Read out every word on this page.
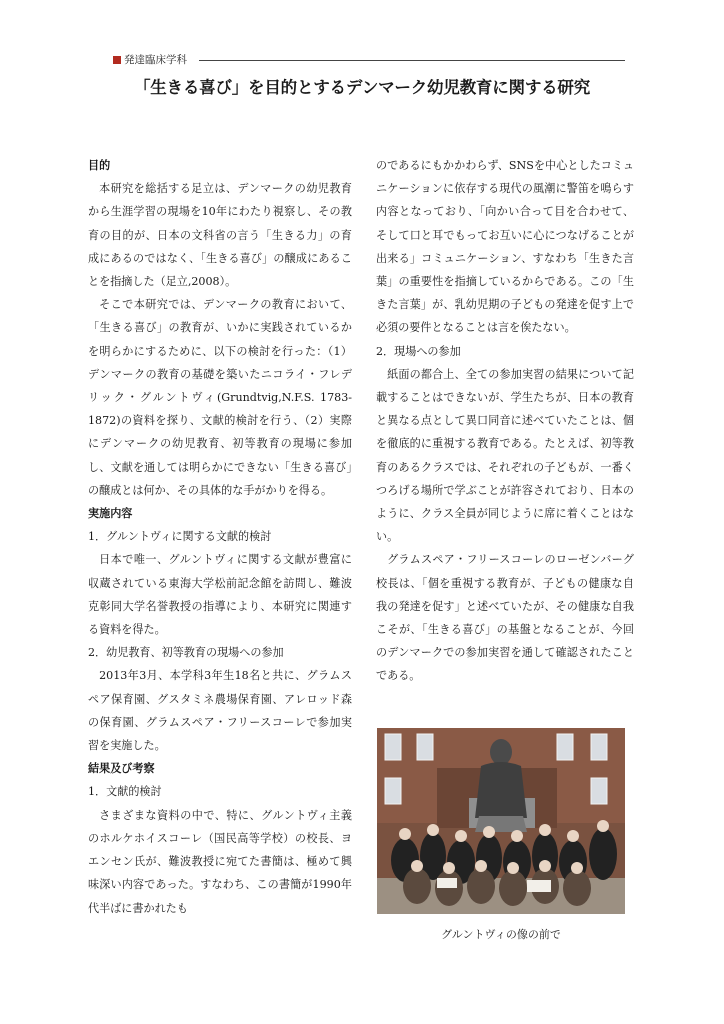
発達臨床学科
「生きる喜び」を目的とするデンマーク幼児教育に関する研究
目的

本研究を総括する足立は、デンマークの幼児教育から生涯学習の現場を10年にわたり視察し、その教育の目的が、日本の文科省の言う「生きる力」の育成にあるのではなく、「生きる喜び」の醸成にあることを指摘した（足立,2008）。

そこで本研究では、デンマークの教育において、「生きる喜び」の教育が、いかに実践されているかを明らかにするために、以下の検討を行った：（1）デンマークの教育の基礎を築いたニコライ・フレデリック・グルントヴィ(Grundtvig,N.F.S. 1783-1872)の資料を探り、文献的検討を行う、（2）実際にデンマークの幼児教育、初等教育の現場に参加し、文献を通しては明らかにできない「生きる喜び」の醸成とは何か、その具体的な手がかりを得る。

実施内容
1．グルントヴィに関する文献的検討

日本で唯一、グルントヴィに関する文献が豊富に収蔵されている東海大学松前記念館を訪問し、難波克彰同大学名誉教授の指導により、本研究に関連する資料を得た。

2．幼児教育、初等教育の現場への参加

2013年3月、本学科3年生18名と共に、グラムスペア保育園、グスタミネ農場保育園、アレロッド森の保育園、グラムスペア・フリースコーレで参加実習を実施した。

結果及び考察
1．文献的検討

さまざまな資料の中で、特に、グルントヴィ主義のホルケホイスコーレ（国民高等学校）の校長、ヨエンセン氏が、難波教授に宛てた書簡は、極めて興味深い内容であった。すなわち、この書簡が1990年代半ばに書かれたも

のであるにもかかわらず、SNSを中心としたコミュニケーションに依存する現代の風潮に警笛を鳴らす内容となっており、「向かい合って目を合わせて、そして口と耳でもってお互いに心につなげることが出来る」コミュニケーション、すなわち「生きた言葉」の重要性を指摘しているからである。この「生きた言葉」が、乳幼児期の子どもの発達を促す上で必須の要件となることは言を俟たない。

2．現場への参加

紙面の都合上、全ての参加実習の結果について記載することはできないが、学生たちが、日本の教育と異なる点として異口同音に述べていたことは、個を徹底的に重視する教育である。たとえば、初等教育のあるクラスでは、それぞれの子どもが、一番くつろげる場所で学ぶことが許容されており、日本のように、クラス全員が同じように席に着くことはない。

グラムスペア・フリースコーレのローゼンバーグ校長は、「個を重視する教育が、子どもの健康な自我の発達を促す」と述べていたが、その健康な自我こそが、「生きる喜び」の基盤となることが、今回のデンマークでの参加実習を通して確認されたことである。

グルントヴィの像の前で
